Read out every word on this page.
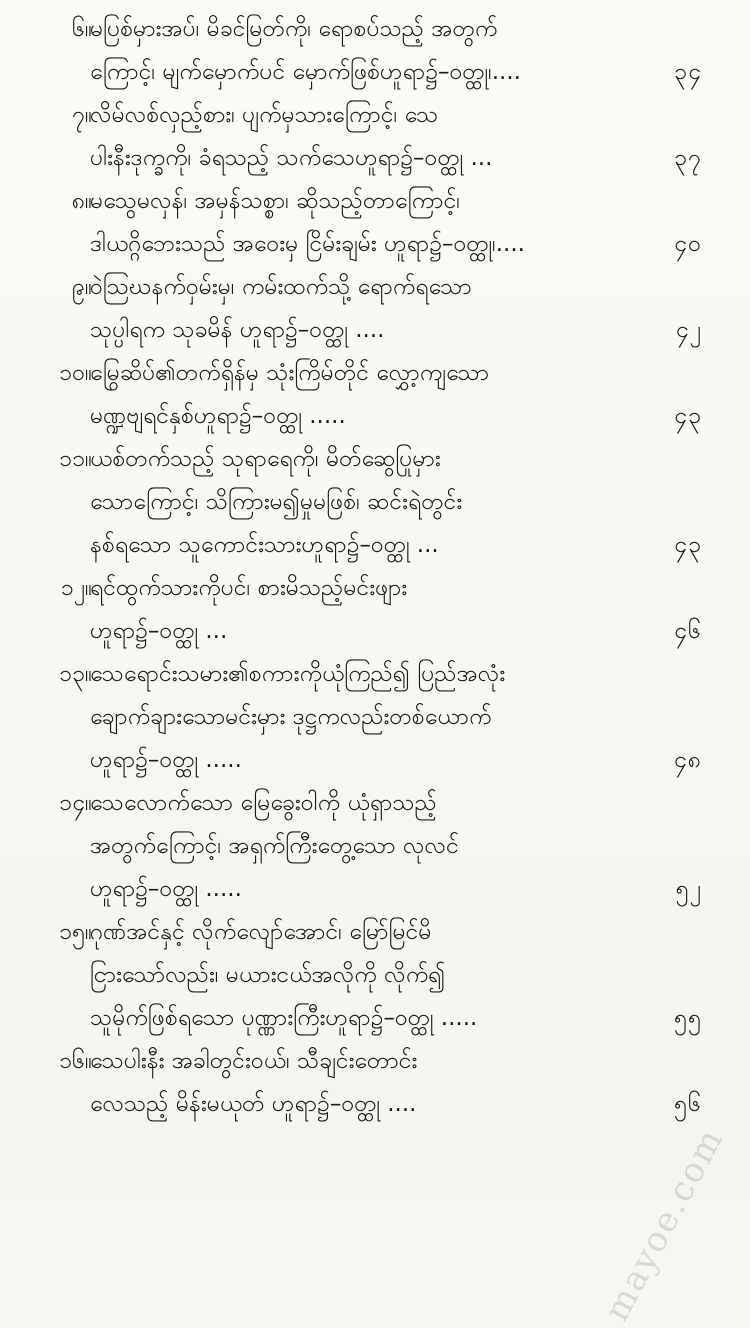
၆။
မပြစ်မှားအပ်၊ မိခင်မြတ်ကို၊ ရောစပ်သည့် အတွက်
ကြောင့်၊ မျက်မှောက်ပင် မှောက်ဖြစ်ဟူရာ၌–ဝတ္ထု၊....	၃၄
၇။
လိမ်လစ်လှည့်စား၊ ပျက်မှသားကြောင့်၊ သေ
ပါးနီးဒုက္ခကို၊ ခံရသည့် သက်သေဟူရာ၌–ဝတ္ထု ...	၃၇
၈။
မသွေမလှန်၊ အမှန်သစ္စာ၊ ဆိုသည့်တာကြောင့်၊
ဒါယဂ္ဂိဘေးသည် အဝေးမှ ငြိမ်းချမ်း ဟူရာ၌–ဝတ္ထု၊....	၄၀
၉။
ဝဲသြဃနက်ဝှမ်းမှ၊ ကမ်းထက်သို့ ရောက်ရသော
သုပ္ပါရက သုခမိန် ဟူရာ၌–ဝတ္ထု ....	၄၂
၁၀။
မြွေဆိပ်၏တက်ရှိန်မှ သုံးကြိမ်တိုင် လွှော့ကျသော
မဏ္ဍဗျရင်နှစ်ဟူရာ၌–ဝတ္ထု .....	၄၃
၁၁။
ယစ်တက်သည့် သုရာရေကို၊ မိတ်ဆွေပြုမှား
သောကြောင့်၊ သိကြားမ၍မှုမဖြစ်၊ ဆင်းရဲတွင်း
နစ်ရသော သူကောင်းသားဟူရာ၌–ဝတ္ထု ...	၄၃
၁၂။
ရင်ထွက်သားကိုပင်၊ စားမိသည့်မင်းဖျား
ဟူရာ၌–ဝတ္ထု ...	၄၆
၁၃။
သေရောင်းသမား၏စကားကိုယုံကြည်၍ ပြည်အလုံး
ချောက်ချားသောမင်းမှား ဒုဋ္ဌကလည်းတစ်ယောက်
ဟူရာ၌–ဝတ္ထု .....	၄၈
၁၄။
သေလောက်သော မြေခွေးဝါကို ယုံရှာသည့်
အတွက်ကြောင့်၊ အရှက်ကြီးတွေ့သော လုလင်
ဟူရာ၌–ဝတ္ထု .....	၅၂
၁၅။
ဂုဏ်အင်နှင့် လိုက်လျော်အောင်၊ မြော်မြင်မိ
ငြားသော်လည်း၊ မယားငယ်အလိုကို လိုက်၍
သူမိုက်ဖြစ်ရသော ပုဏ္ဏားကြီးဟူရာ၌–ဝတ္ထု .....	၅၅
၁၆။
သေပါးနီး အခါတွင်းဝယ်၊ သီချင်းတောင်း
လေသည့် မိန်းမယုတ် ဟူရာ၌–ဝတ္ထု ....	၅၆
mayoe.com
